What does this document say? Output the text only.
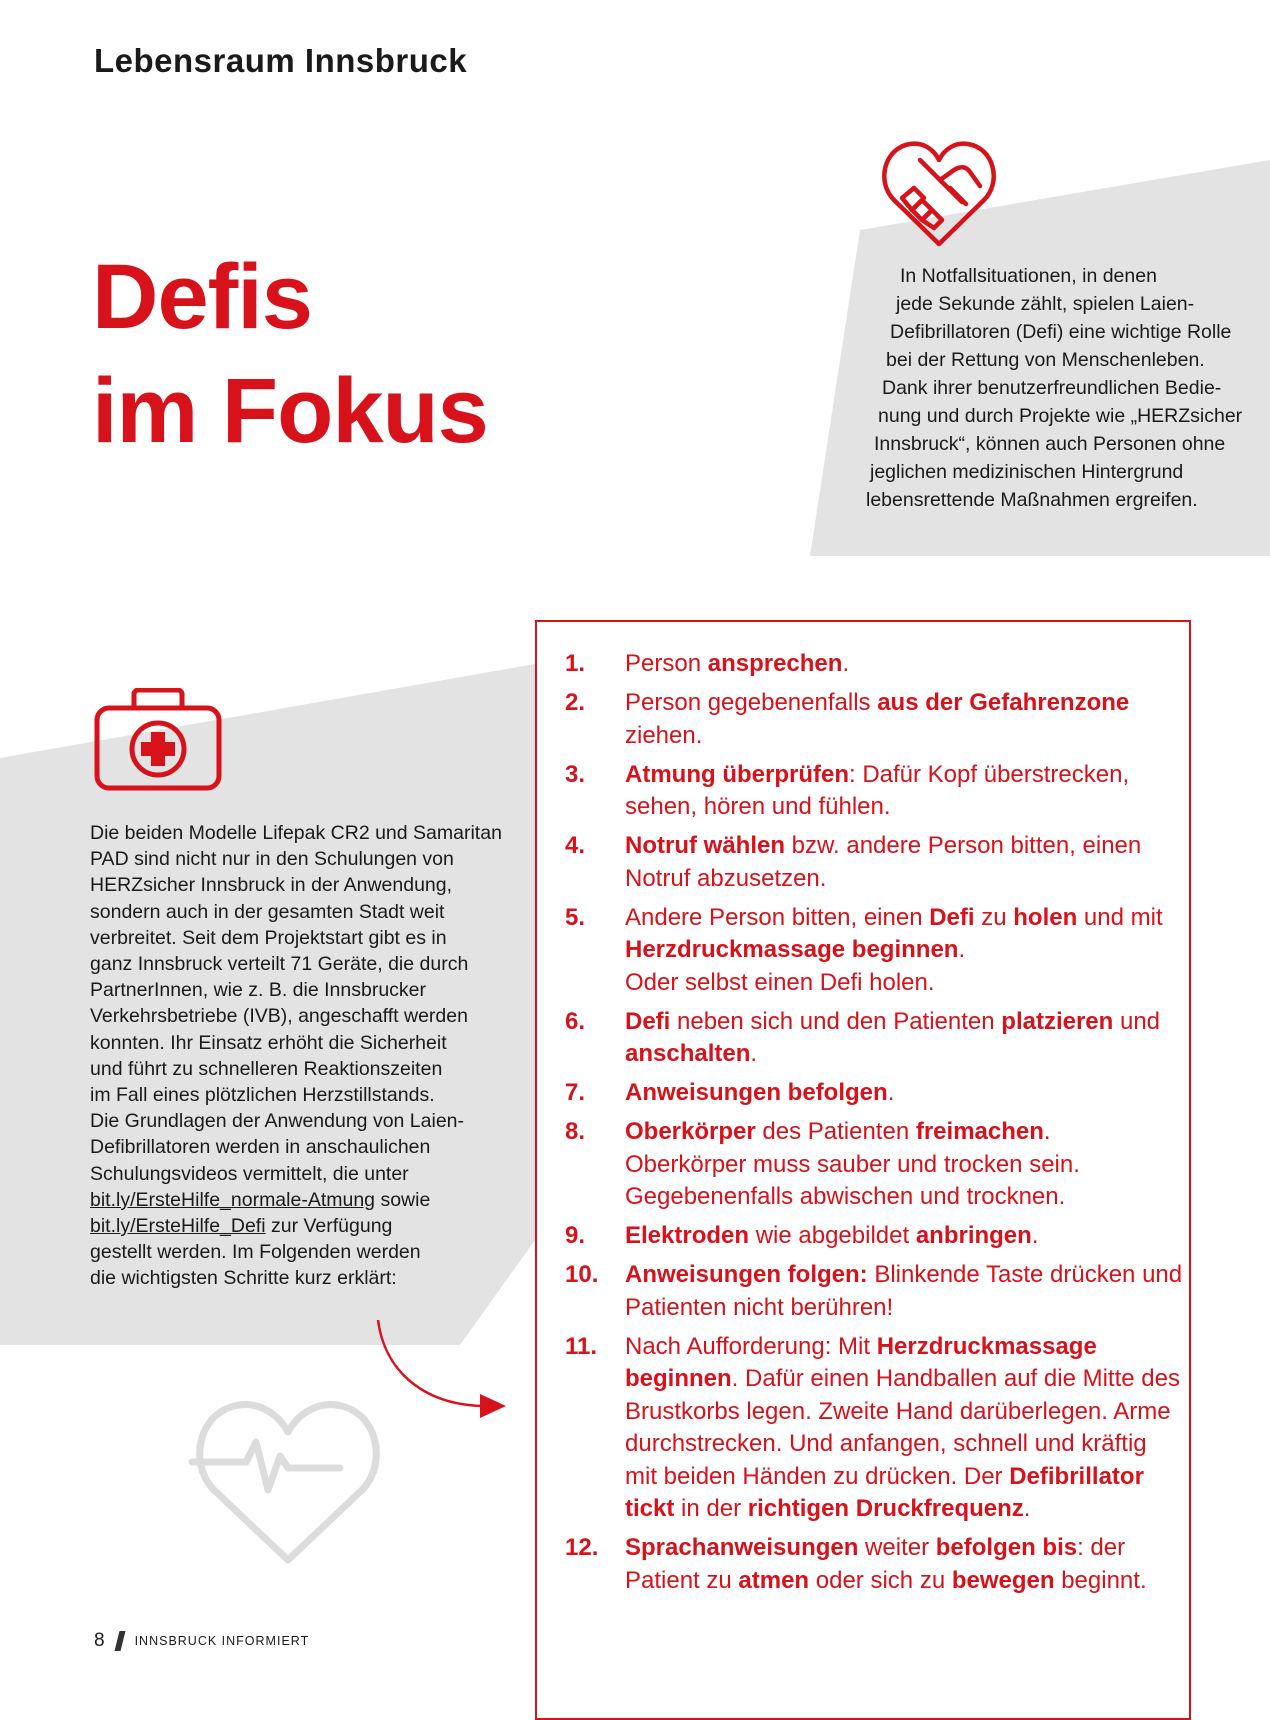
Lebensraum Innsbruck
Defis
im Fokus
In Notfallsituationen, in denen
jede Sekunde zählt, spielen Laien-
Defibrillatoren (Defi) eine wichtige Rolle
bei der Rettung von Menschenleben.
Dank ihrer benutzerfreundlichen Bedie-
nung und durch Projekte wie „HERZsicher
Innsbruck“, können auch Personen ohne
jeglichen medizinischen Hintergrund
lebensrettende Maßnahmen ergreifen.
Die beiden Modelle Lifepak CR2 und Samaritan
PAD sind nicht nur in den Schulungen von
HERZsicher Innsbruck in der Anwendung,
sondern auch in der gesamten Stadt weit
verbreitet. Seit dem Projektstart gibt es in
ganz Innsbruck verteilt 71 Geräte, die durch
PartnerInnen, wie z. B. die Innsbrucker
Verkehrsbetriebe (IVB), angeschafft werden
konnten. Ihr Einsatz erhöht die Sicherheit
und führt zu schnelleren Reaktionszeiten
im Fall eines plötzlichen Herzstillstands.
Die Grundlagen der Anwendung von Laien-
Defibrillatoren werden in anschaulichen
Schulungsvideos vermittelt, die unter
bit.ly/ErsteHilfe_normale-Atmung sowie
bit.ly/ErsteHilfe_Defi zur Verfügung
gestellt werden. Im Folgenden werden
die wichtigsten Schritte kurz erklärt:
1.	Person ansprechen.
2.	Person gegebenenfalls aus der Gefahrenzone
ziehen.
3.	Atmung überprüfen: Dafür Kopf überstrecken,
sehen, hören und fühlen.
4.	Notruf wählen bzw. andere Person bitten, einen
Notruf abzusetzen.
5.	Andere Person bitten, einen Defi zu holen und mit
Herzdruckmassage beginnen.
Oder selbst einen Defi holen.
6.	Defi neben sich und den Patienten platzieren und
anschalten.
7.	Anweisungen befolgen.
8.	Oberkörper des Patienten freimachen.
Oberkörper muss sauber und trocken sein.
Gegebenenfalls abwischen und trocknen.
9.	Elektroden wie abgebildet anbringen.
10.	Anweisungen folgen: Blinkende Taste drücken und
Patienten nicht berühren!
11.	Nach Aufforderung: Mit Herzdruckmassage
beginnen. Dafür einen Handballen auf die Mitte des
Brustkorbs legen. Zweite Hand darüberlegen. Arme
durchstrecken. Und anfangen, schnell und kräftig
mit beiden Händen zu drücken. Der Defibrillator
tickt in der richtigen Druckfrequenz.
12.	Sprachanweisungen weiter befolgen bis: der
Patient zu atmen oder sich zu bewegen beginnt.
8 INNSBRUCK INFORMIERT
